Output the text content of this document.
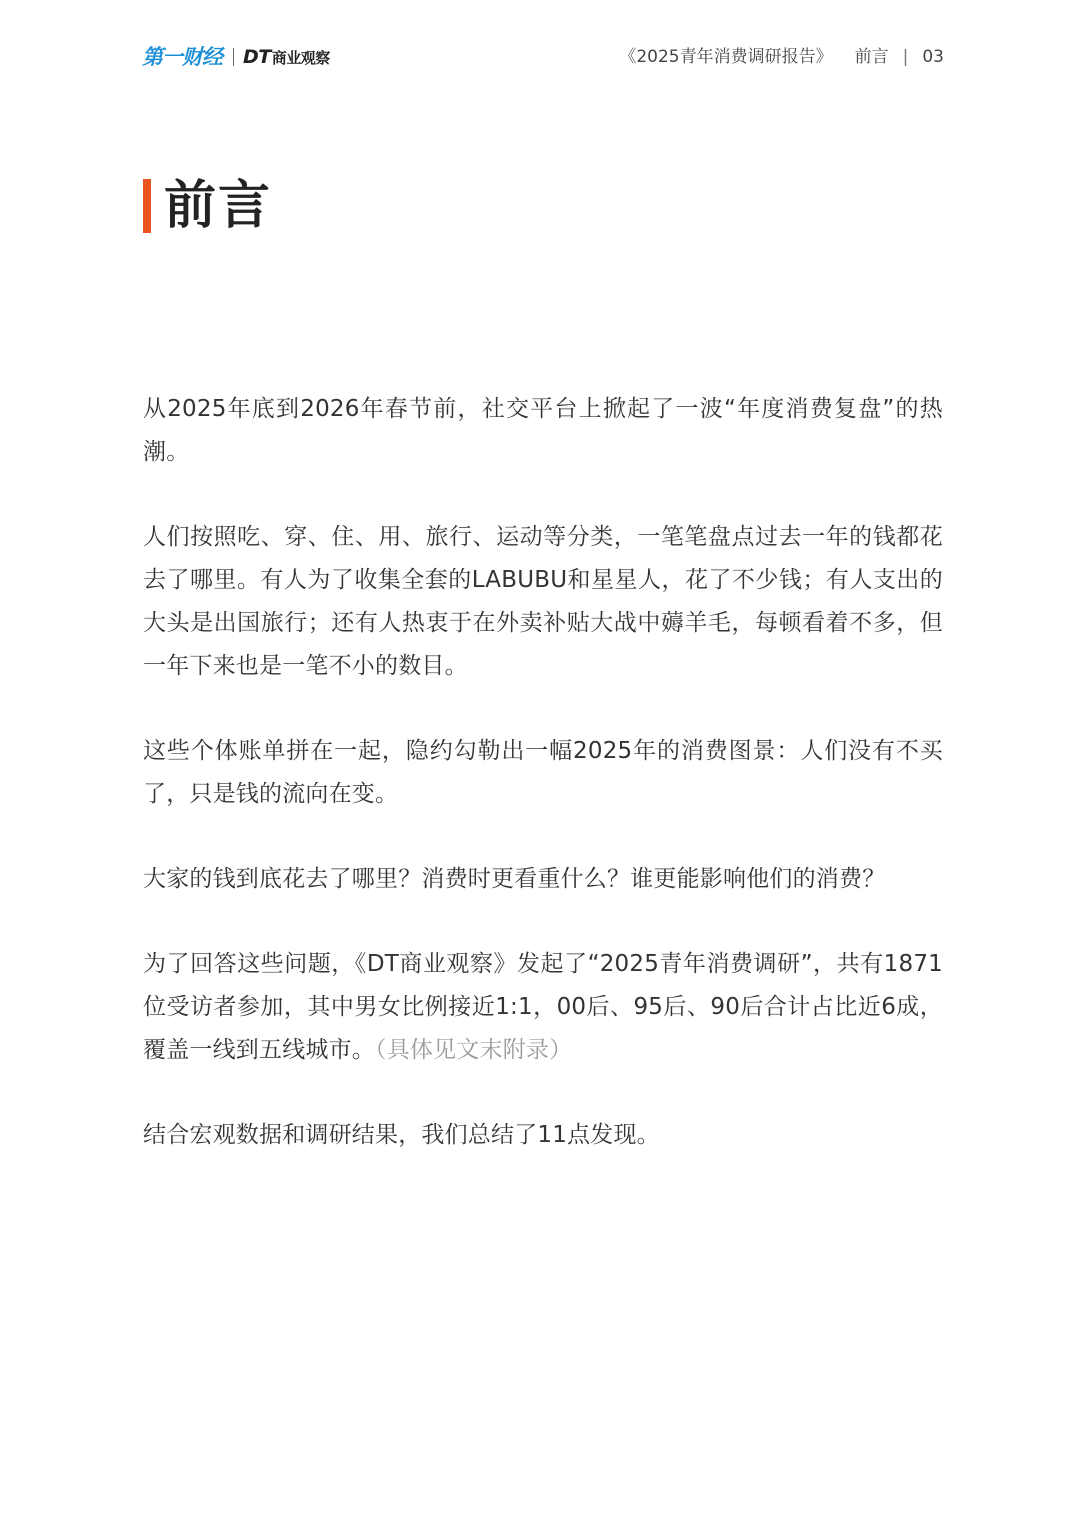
第一财经 DT商业观察	《2025青年消费调研报告》 前言 | 03
前言

从2025年底到2026年春节前，社交平台上掀起了一波“年度消费复盘”的热潮。

人们按照吃、穿、住、用、旅行、运动等分类，一笔笔盘点过去一年的钱都花去了哪里。有人为了收集全套的LABUBU和星星人，花了不少钱；有人支出的大头是出国旅行；还有人热衷于在外卖补贴大战中薅羊毛，每顿看着不多，但一年下来也是一笔不小的数目。

这些个体账单拼在一起，隐约勾勒出一幅2025年的消费图景：人们没有不买了，只是钱的流向在变。

大家的钱到底花去了哪里？消费时更看重什么？谁更能影响他们的消费？

为了回答这些问题，《DT商业观察》发起了“2025青年消费调研”，共有1871位受访者参加，其中男女比例接近1:1，00后、95后、90后合计占比近6成，覆盖一线到五线城市。（具体见文末附录）

结合宏观数据和调研结果，我们总结了11点发现。
